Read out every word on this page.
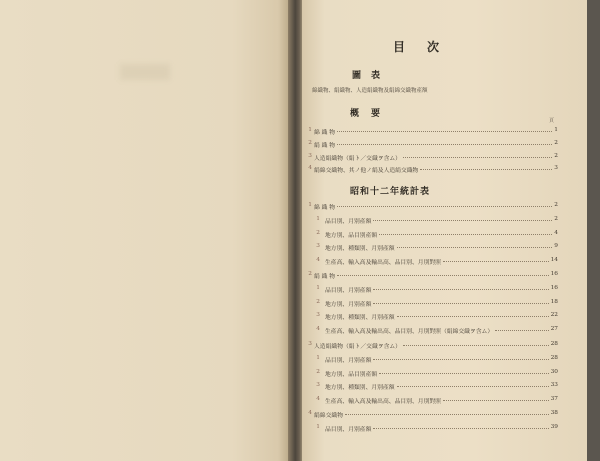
目次
圖表
綿織物、絹織物、人造絹織物及絹綿交織物產額
概要
頁
昭和十二年統計表
1 綿 織 物	1
2 絹 織 物	2
3 人造絹織物（絹ト／交織ヲ含ム）	2
4 絹綿交織物、其ノ他ノ絹及人造絹交織物	3
1 綿 織 物	2
1 品目別、月別產額	2
2 地方別、品目別產額	4
3 地方別、種類別、月別產額	9
4 生產高、輸入高及輸出高、品目別、月別對照	14
2 絹 織 物	16
1 品目別、月別產額	16
2 地方別、月別產額	18
3 地方別、種類別、月別產額	22
4 生產高、輸入高及輸出高、品目別、月別對照（絹綿交織ヲ含ム）	27
3 人造絹織物（絹ト／交織ヲ含ム）	28
1 品目別、月別產額	28
2 地方別、品目別產額	30
3 地方別、種類別、月別產額	33
4 生產高、輸入高及輸出高、品目別、月別對照	37
4 絹綿交織物	38
1 品目別、月別產額	39
